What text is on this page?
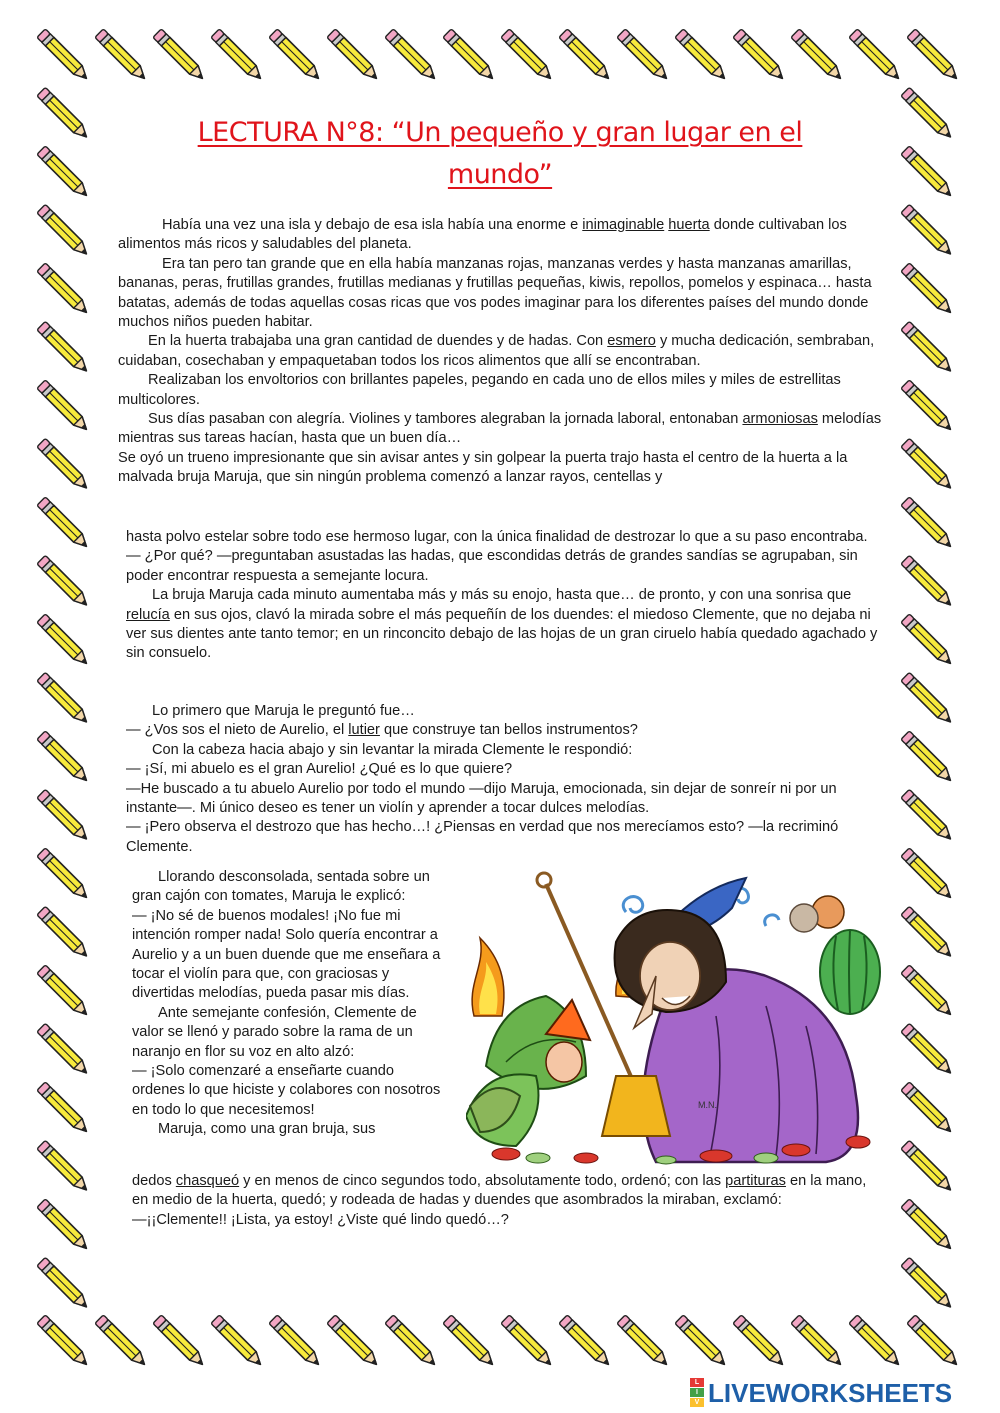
LECTURA N°8: “Un pequeño y gran lugar en el mundo”

Había una vez una isla y debajo de esa isla había una enorme e inimaginable huerta donde cultivaban los alimentos más ricos y saludables del planeta.

Era tan pero tan grande que en ella había manzanas rojas, manzanas verdes y hasta manzanas amarillas, bananas, peras, frutillas grandes, frutillas medianas y frutillas pequeñas, kiwis, repollos, pomelos y espinaca… hasta batatas, además de todas aquellas cosas ricas que vos podes imaginar para los diferentes países del mundo donde muchos niños pueden habitar.

En la huerta trabajaba una gran cantidad de duendes y de hadas. Con esmero y mucha dedicación, sembraban, cuidaban, cosechaban y empaquetaban todos los ricos alimentos que allí se encontraban.

Realizaban los envoltorios con brillantes papeles, pegando en cada uno de ellos miles y miles de estrellitas multicolores.

Sus días pasaban con alegría. Violines y tambores alegraban la jornada laboral, entonaban armoniosas melodías mientras sus tareas hacían, hasta que un buen día…

Se oyó un trueno impresionante que sin avisar antes y sin golpear la puerta trajo hasta el centro de la huerta a la malvada bruja Maruja, que sin ningún problema comenzó a lanzar rayos, centellas y

hasta polvo estelar sobre todo ese hermoso lugar, con la única finalidad de destrozar lo que a su paso encontraba.

— ¿Por qué? —preguntaban asustadas las hadas, que escondidas detrás de grandes sandías se agrupaban, sin poder encontrar respuesta a semejante locura.

La bruja Maruja cada minuto aumentaba más y más su enojo, hasta que… de pronto, y con una sonrisa que relucía en sus ojos, clavó la mirada sobre el más pequeñín de los duendes: el miedoso Clemente, que no dejaba ni ver sus dientes ante tanto temor; en un rinconcito debajo de las hojas de un gran ciruelo había quedado agachado y sin consuelo.

Lo primero que Maruja le preguntó fue…

— ¿Vos sos el nieto de Aurelio, el lutier que construye tan bellos instrumentos?

Con la cabeza hacia abajo y sin levantar la mirada Clemente le respondió:

— ¡Sí, mi abuelo es el gran Aurelio! ¿Qué es lo que quiere?

—He buscado a tu abuelo Aurelio por todo el mundo —dijo Maruja, emocionada, sin dejar de sonreír ni por un instante—. Mi único deseo es tener un violín y aprender a tocar dulces melodías.

— ¡Pero observa el destrozo que has hecho…! ¿Piensas en verdad que nos merecíamos esto? —la recriminó Clemente.

Llorando desconsolada, sentada sobre un gran cajón con tomates, Maruja le explicó:

— ¡No sé de buenos modales! ¡No fue mi intención romper nada! Solo quería encontrar a Aurelio y a un buen duende que me enseñara a tocar el violín para que, con graciosas y divertidas melodías, pueda pasar mis días.

Ante semejante confesión, Clemente de valor se llenó y parado sobre la rama de un naranjo en flor su voz en alto alzó:

— ¡Solo comenzaré a enseñarte cuando ordenes lo que hiciste y colabores con nosotros en todo lo que necesitemos!

Maruja, como una gran bruja, sus

dedos chasqueó y en menos de cinco segundos todo, absolutamente todo, ordenó; con las partituras en la mano, en medio de la huerta, quedó; y rodeada de hadas y duendes que asombrados la miraban, exclamó:

—¡¡Clemente!! ¡Lista, ya estoy! ¿Viste qué lindo quedó…?

M.N.
L
I
V LIVEWORKSHEETS
